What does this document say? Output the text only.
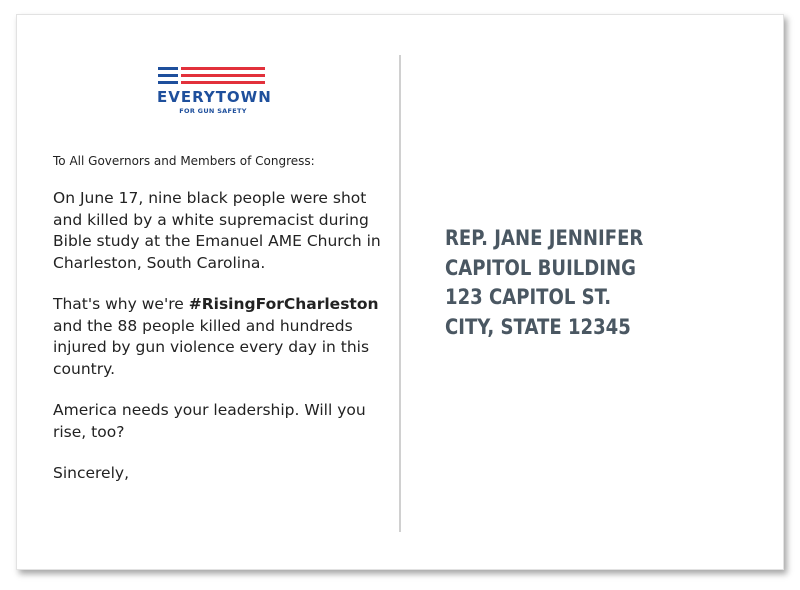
EVERYTOWN
FOR GUN SAFETY

To All Governors and Members of Congress:

On June 17, nine black people were shot and killed by a white supremacist during Bible study at the Emanuel AME Church in Charleston, South Carolina.

That's why we're #RisingForCharleston and the 88 people killed and hundreds injured by gun violence every day in this country.

America needs your leadership. Will you rise, too?

Sincerely,

REP. JANE JENNIFER
CAPITOL BUILDING
123 CAPITOL ST.
CITY, STATE 12345
